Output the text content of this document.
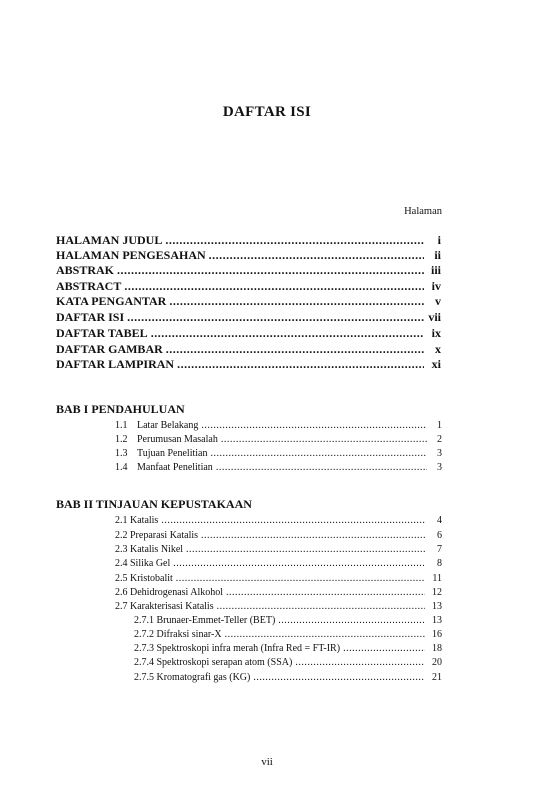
DAFTAR ISI
Halaman
HALAMAN JUDUL .....	i
HALAMAN PENGESAHAN .....	ii
ABSTRAK .....	iii
ABSTRACT .....	iv
KATA PENGANTAR .....	v
DAFTAR ISI .....	vii
DAFTAR TABEL .....	ix
DAFTAR GAMBAR .....	x
DAFTAR LAMPIRAN .....	xi
BAB I PENDAHULUAN
1.1 Latar Belakang .....	1
1.2 Perumusan Masalah .....	2
1.3 Tujuan Penelitian .....	3
1.4 Manfaat Penelitian .....	3
BAB II TINJAUAN KEPUSTAKAAN
2.1 Katalis .....	4
2.2 Preparasi Katalis .....	6
2.3 Katalis Nikel .....	7
2.4 Silika Gel .....	8
2.5 Kristobalit .....	11
2.6 Dehidrogenasi Alkohol .....	12
2.7 Karakterisasi Katalis .....	13
2.7.1 Brunaer-Emmet-Teller (BET) .....	13
2.7.2 Difraksi sinar-X .....	16
2.7.3 Spektroskopi infra merah (Infra Red = FT-IR) .....	18
2.7.4 Spektroskopi serapan atom (SSA) .....	20
2.7.5 Kromatografi gas (KG) .....	21
vii
